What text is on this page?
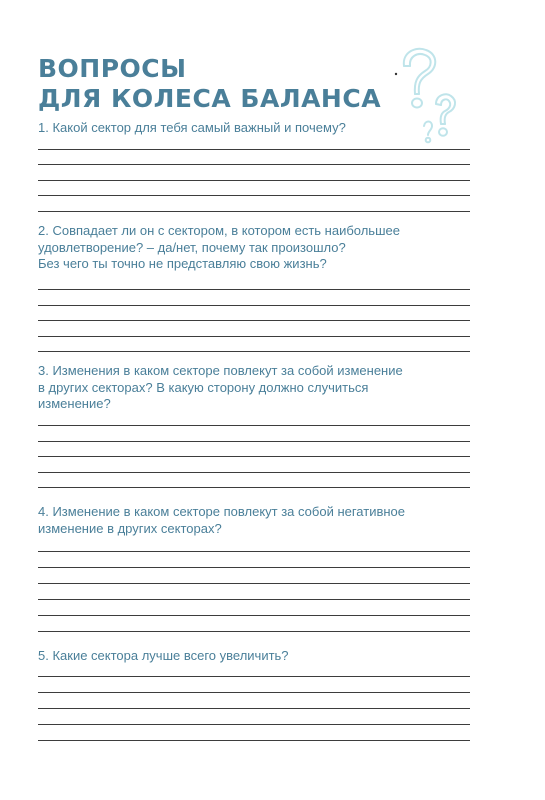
ВОПРОСЫ
ДЛЯ КОЛЕСА БАЛАНСА
1. Какой сектор для тебя самый важный и почему?
2. Совпадает ли он с сектором, в котором есть наибольшее
удовлетворение? – да/нет, почему так произошло?
Без чего ты точно не представляю свою жизнь?
3. Изменения в каком секторе повлекут за собой изменение
в других секторах? В какую сторону должно случиться
изменение?
4. Изменение в каком секторе повлекут за собой негативное
изменение в других секторах?
5. Какие сектора лучше всего увеличить?
